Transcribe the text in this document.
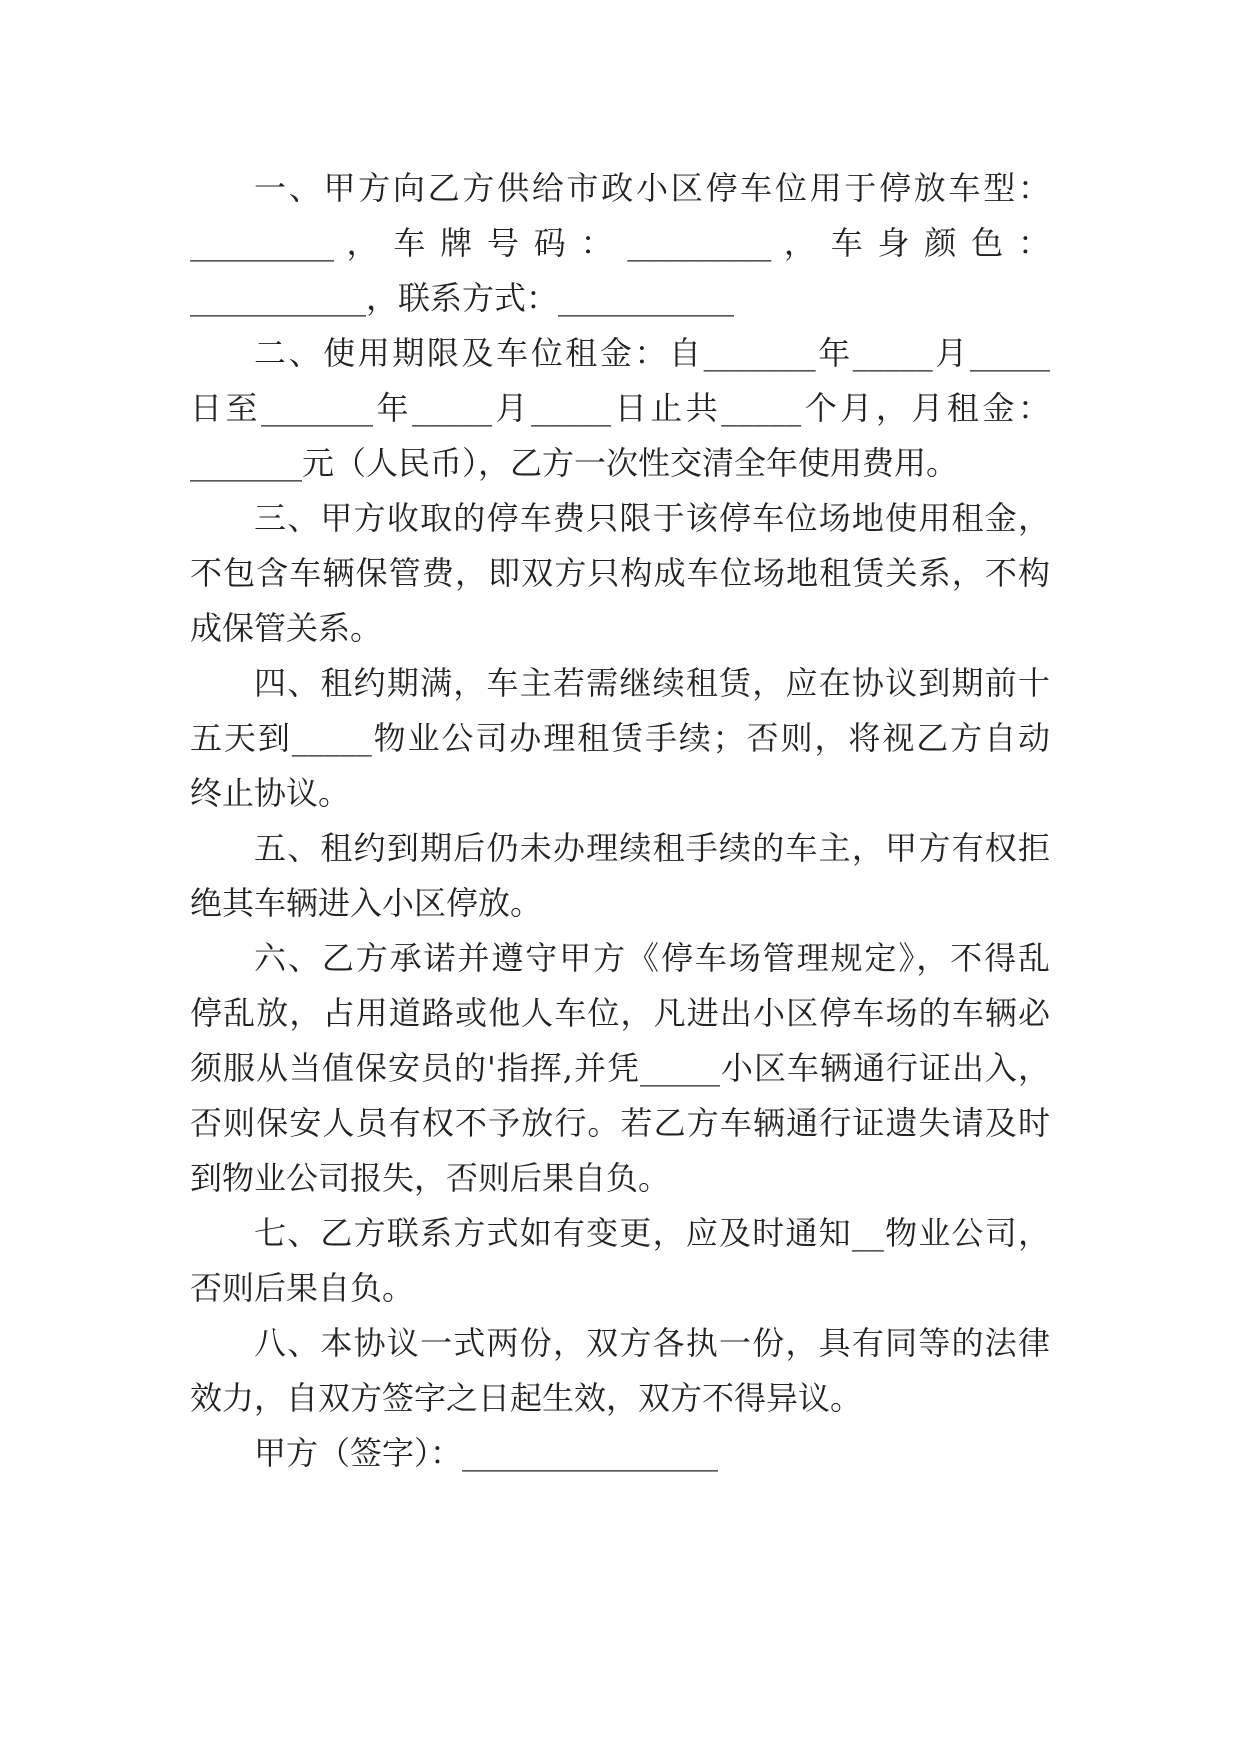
一、甲方向乙方供给市政小区停车位用于停放车型：
_________ ， 车 牌 号 码 ： _________ ， 车 身 颜 色 ：
___________，联系方式：___________
二、使用期限及车位租金：自_______年_____月_____
日至_______年_____月_____日止共_____个月，月租金：
_______元（人民币），乙方一次性交清全年使用费用。
三、甲方收取的停车费只限于该停车位场地使用租金，
不包含车辆保管费，即双方只构成车位场地租赁关系，不构
成保管关系。
四、租约期满，车主若需继续租赁，应在协议到期前十
五天到_____物业公司办理租赁手续；否则，将视乙方自动
终止协议。
五、租约到期后仍未办理续租手续的车主，甲方有权拒
绝其车辆进入小区停放。
六、乙方承诺并遵守甲方《停车场管理规定》，不得乱
停乱放，占用道路或他人车位，凡进出小区停车场的车辆必
须服从当值保安员的'指挥,并凭_____小区车辆通行证出入，
否则保安人员有权不予放行。若乙方车辆通行证遗失请及时
到物业公司报失，否则后果自负。
七、乙方联系方式如有变更，应及时通知__物业公司，
否则后果自负。
八、本协议一式两份，双方各执一份，具有同等的法律
效力，自双方签字之日起生效，双方不得异议。
甲方（签字）：________________
